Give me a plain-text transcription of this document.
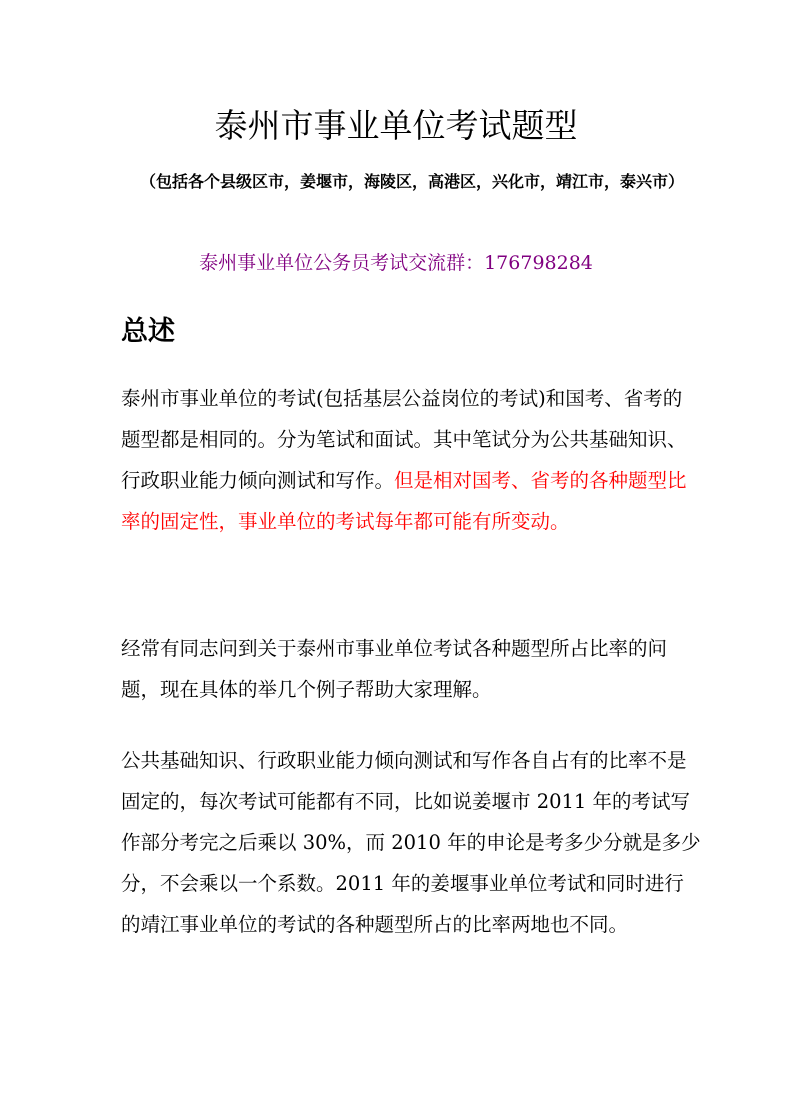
泰州市事业单位考试题型

（包括各个县级区市，姜堰市，海陵区，高港区，兴化市，靖江市，泰兴市）

泰州事业单位公务员考试交流群：176798284

总述

泰州市事业单位的考试(包括基层公益岗位的考试)和国考、省考的题型都是相同的。分为笔试和面试。其中笔试分为公共基础知识、行政职业能力倾向测试和写作。但是相对国考、省考的各种题型比率的固定性，事业单位的考试每年都可能有所变动。

经常有同志问到关于泰州市事业单位考试各种题型所占比率的问题，现在具体的举几个例子帮助大家理解。

公共基础知识、行政职业能力倾向测试和写作各自占有的比率不是固定的，每次考试可能都有不同，比如说姜堰市 2011 年的考试写作部分考完之后乘以 30%，而 2010 年的申论是考多少分就是多少分，不会乘以一个系数。2011 年的姜堰事业单位考试和同时进行的靖江事业单位的考试的各种题型所占的比率两地也不同。
